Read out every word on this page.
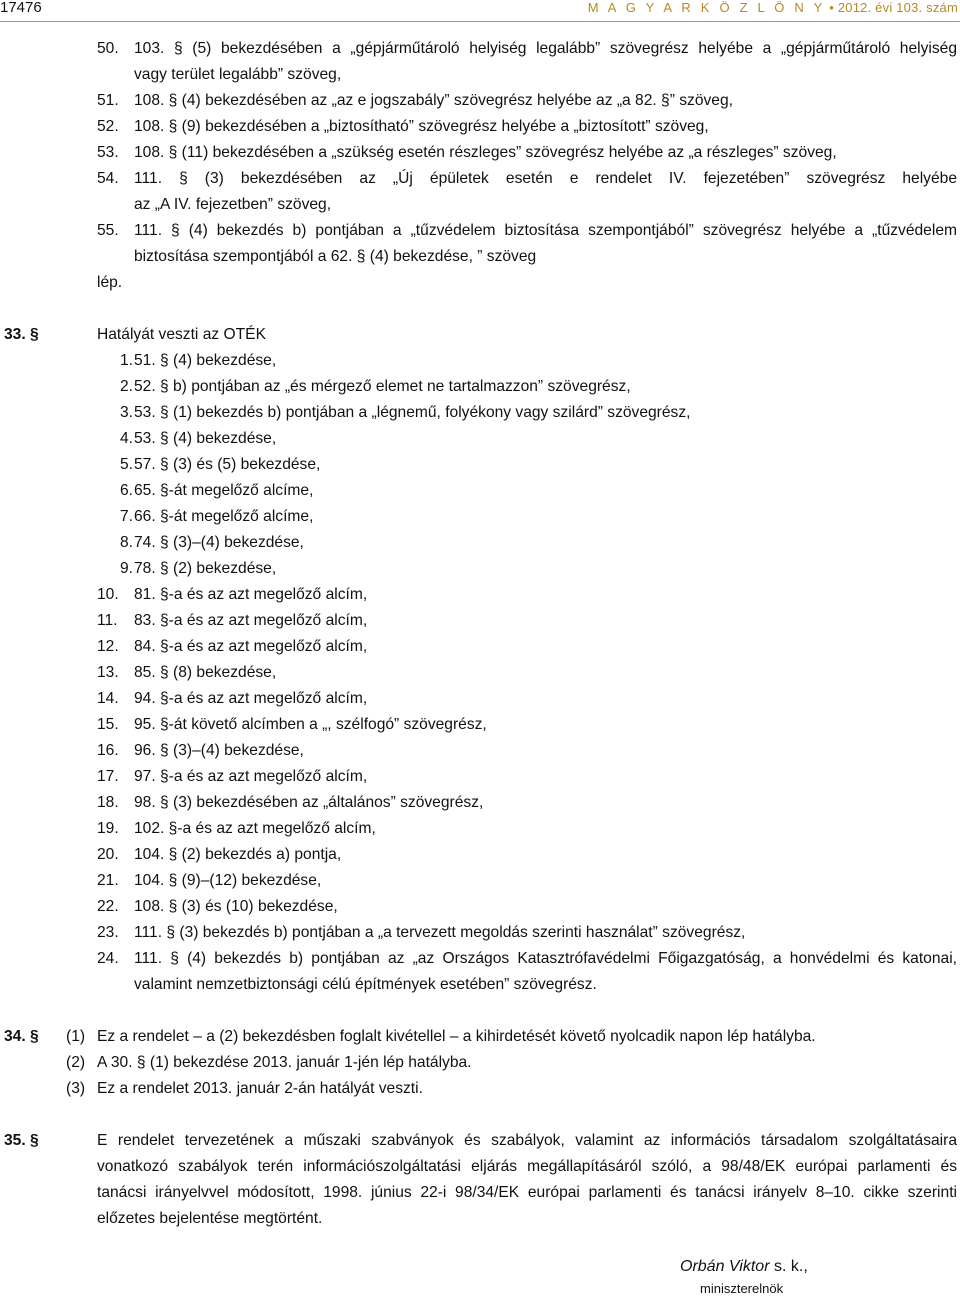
17476	M A G Y A R K Ö Z L Ö N Y • 2012. évi 103. szám
50. 103. § (5) bekezdésében a „gépjárműtároló helyiség legalább” szövegrész helyébe a „gépjárműtároló helyiség
vagy terület legalább” szöveg,
51. 108. § (4) bekezdésében az „az e jogszabály” szövegrész helyébe az „a 82. §” szöveg,
52. 108. § (9) bekezdésében a „biztosítható” szövegrész helyébe a „biztosított” szöveg,
53. 108. § (11) bekezdésében a „szükség esetén részleges” szövegrész helyébe az „a részleges” szöveg,
54. 111. § (3) bekezdésében az „Új épületek esetén e rendelet IV. fejezetében” szövegrész helyébe
az „A IV. fejezetben” szöveg,
55. 111. § (4) bekezdés b) pontjában a „tűzvédelem biztosítása szempontjából” szövegrész helyébe a „tűzvédelem
biztosítása szempontjából a 62. § (4) bekezdése, ” szöveg
lép.
33. §	Hatályát veszti az OTÉK
1. 51. § (4) bekezdése,
2. 52. § b) pontjában az „és mérgező elemet ne tartalmazzon” szövegrész,
3. 53. § (1) bekezdés b) pontjában a „légnemű, folyékony vagy szilárd” szövegrész,
4. 53. § (4) bekezdése,
5. 57. § (3) és (5) bekezdése,
6. 65. §-át megelőző alcíme,
7. 66. §-át megelőző alcíme,
8. 74. § (3)–(4) bekezdése,
9. 78. § (2) bekezdése,
10. 81. §-a és az azt megelőző alcím,
11. 83. §-a és az azt megelőző alcím,
12. 84. §-a és az azt megelőző alcím,
13. 85. § (8) bekezdése,
14. 94. §-a és az azt megelőző alcím,
15. 95. §-át követő alcímben a „, szélfogó” szövegrész,
16. 96. § (3)–(4) bekezdése,
17. 97. §-a és az azt megelőző alcím,
18. 98. § (3) bekezdésében az „általános” szövegrész,
19. 102. §-a és az azt megelőző alcím,
20. 104. § (2) bekezdés a) pontja,
21. 104. § (9)–(12) bekezdése,
22. 108. § (3) és (10) bekezdése,
23. 111. § (3) bekezdés b) pontjában a „a tervezett megoldás szerinti használat” szövegrész,
24. 111. § (4) bekezdés b) pontjában az „az Országos Katasztrófavédelmi Főigazgatóság, a honvédelmi és katonai,
valamint nemzetbiztonsági célú építmények esetében” szövegrész.
34. § (1) Ez a rendelet – a (2) bekezdésben foglalt kivétellel – a kihirdetését követő nyolcadik napon lép hatályba.
(2) A 30. § (1) bekezdése 2013. január 1-jén lép hatályba.
(3) Ez a rendelet 2013. január 2-án hatályát veszti.
35. §	E rendelet tervezetének a műszaki szabványok és szabályok, valamint az információs társadalom szolgáltatásaira
vonatkozó szabályok terén információszolgáltatási eljárás megállapításáról szóló, a 98/48/EK európai parlamenti és
tanácsi irányelvvel módosított, 1998. június 22-i 98/34/EK európai parlamenti és tanácsi irányelv 8–10. cikke szerinti
előzetes bejelentése megtörtént.
Orbán Viktor s. k.,
miniszterelnök
